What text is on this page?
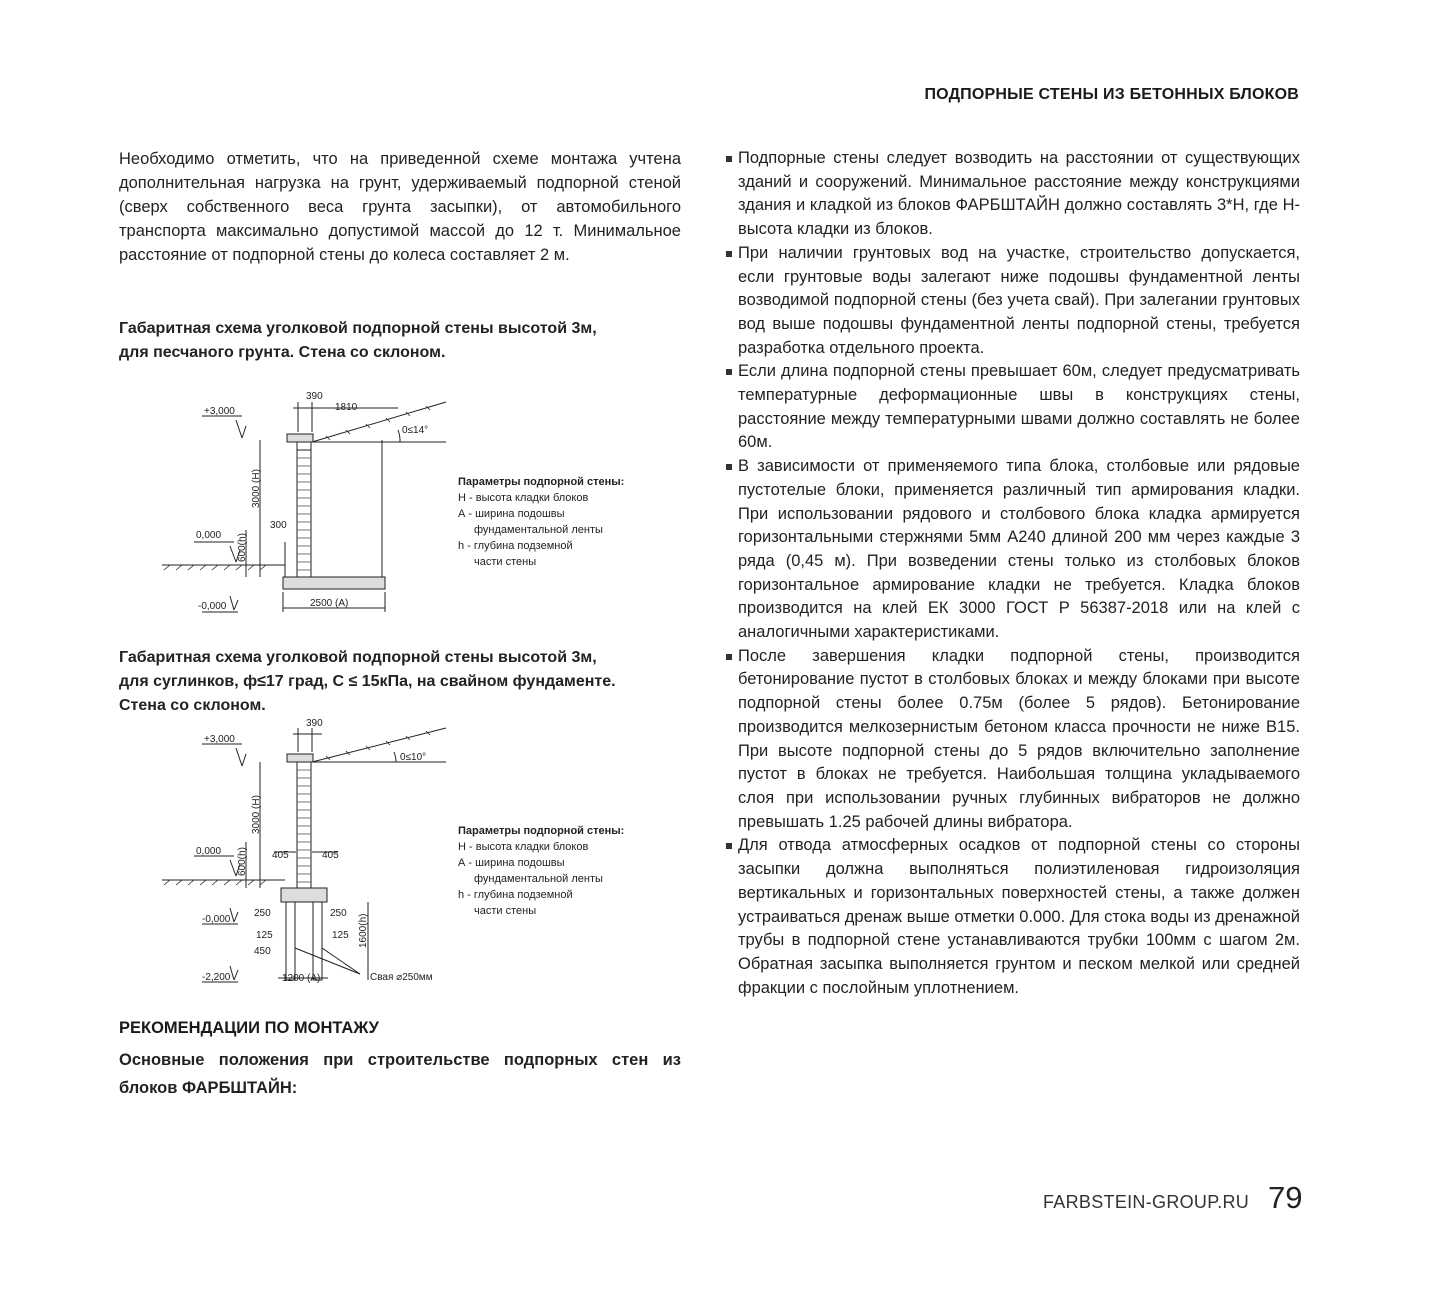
ПОДПОРНЫЕ СТЕНЫ ИЗ БЕТОННЫХ БЛОКОВ

Необходимо отметить, что на приведенной схеме монтажа учтена дополнительная нагрузка на грунт, удерживаемый подпорной стеной (сверх собственного веса грунта засыпки), от автомобильного транспорта максимально допустимой массой до 12 т. Минимальное расстояние от подпорной стены до колеса составляет 2 м.

Габаритная схема уголковой подпорной стены высотой 3м,
для песчаного грунта. Стена со склоном.
390
1810
+3,000
0≤14°
3000 (H)
300
0,000 600(h)
-0,000	2500 (A)
Параметры подпорной стены:
Н - высота кладки блоков
А - ширина подошвы
фундаментальной ленты
h - глубина подземной
части стены
Габаритная схема уголковой подпорной стены высотой 3м,
для суглинков, ф≤17 град, С ≤ 15кПа, на свайном фундаменте.
Стена со склоном.
390
+3,000
0≤10°
3000 (H)
0,000 600(h) 405	405
-0,000
250	250
125	125 1600(h)
450
-2,200	1200 (A)	Свая ⌀250мм
Параметры подпорной стены:
Н - высота кладки блоков
А - ширина подошвы
фундаментальной ленты
h - глубина подземной
части стены
РЕКОМЕНДАЦИИ ПО МОНТАЖУ
Основные положения при строительстве подпорных стен из блоков ФАРБШТАЙН:
Подпорные стены следует возводить на расстоянии от существующих зданий и сооружений. Минимальное расстояние между конструкциями здания и кладкой из блоков ФАРБШТАЙН должно составлять 3*Н, где Н-высота кладки из блоков.
При наличии грунтовых вод на участке, строительство допускается, если грунтовые воды залегают ниже подошвы фундаментной ленты возводимой подпорной стены (без учета свай). При залегании грунтовых вод выше подошвы фундаментной ленты подпорной стены, требуется разработка отдельного проекта.
Если длина подпорной стены превышает 60м, следует предусматривать температурные деформационные швы в конструкциях стены, расстояние между температурными швами должно составлять не более 60м.
В зависимости от применяемого типа блока, столбовые или рядовые пустотелые блоки, применяется различный тип армирования кладки. При использовании рядового и столбового блока кладка армируется горизонтальными стержнями 5мм А240 длиной 200 мм через каждые 3 ряда (0,45 м). При возведении стены только из столбовых блоков горизонтальное армирование кладки не требуется. Кладка блоков производится на клей ЕК 3000 ГОСТ Р 56387-2018 или на клей с аналогичными характеристиками.
После завершения кладки подпорной стены, производится бетонирование пустот в столбовых блоках и между блоками при высоте подпорной стены более 0.75м (более 5 рядов). Бетонирование производится мелкозернистым бетоном класса прочности не ниже В15. При высоте подпорной стены до 5 рядов включительно заполнение пустот в блоках не требуется. Наибольшая толщина укладываемого слоя при использовании ручных глубинных вибраторов не должно превышать 1.25 рабочей длины вибратора.
Для отвода атмосферных осадков от подпорной стены со стороны засыпки должна выполняться полиэтиленовая гидроизоляция вертикальных и горизонтальных поверхностей стены, а также должен устраиваться дренаж выше отметки 0.000. Для стока воды из дренажной трубы в подпорной стене устанавливаются трубки 100мм с шагом 2м. Обратная засыпка выполняется грунтом и песком мелкой или средней фракции с послойным уплотнением.
FARBSTEIN-GROUP.RU 79
